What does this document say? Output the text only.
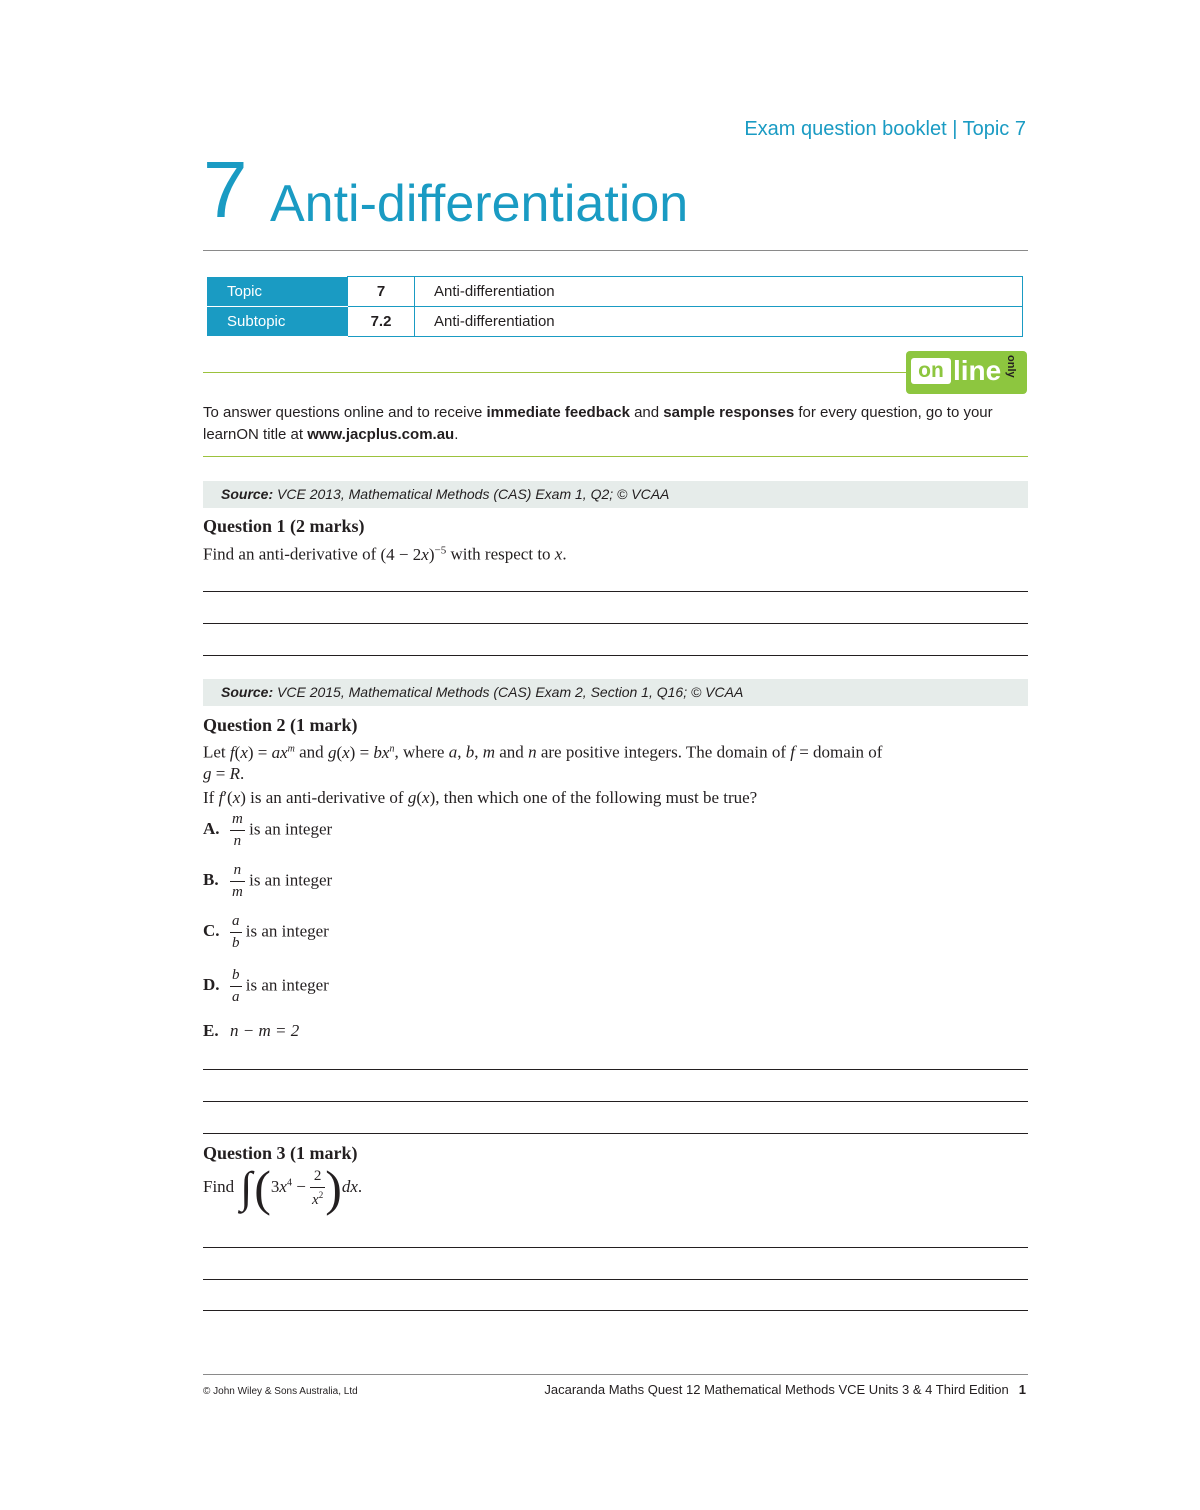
Exam question booklet | Topic 7
7 Anti-differentiation
Topic	7	Anti-differentiation
Subtopic	7.2	Anti-differentiation
on line only
To answer questions online and to receive immediate feedback and sample responses for every question, go to your learnON title at www.jacplus.com.au.
Source: VCE 2013, Mathematical Methods (CAS) Exam 1, Q2; © VCAA
Question 1 (2 marks)
Find an anti-derivative of $(4 - 2x)^{-5}$ with respect to x.
Source: VCE 2015, Mathematical Methods (CAS) Exam 2, Section 1, Q16; © VCAA
Question 2 (1 mark)
Let $f(x) = ax^m$ and $g(x) = bx^n$, where a, b, m and n are positive integers. The domain of f = domain of
g = R.
If f′(x) is an anti-derivative of g(x), then which one of the following must be true?
A. $\frac{m}{n}$ is an integer
B. $\frac{n}{m}$ is an integer
C. $\frac{a}{b}$ is an integer
D. $\frac{b}{a}$ is an integer
E. n − m = 2
Question 3 (1 mark)
Find $\int(3x^4 - \frac{2}{x^2} )dx$.
© John Wiley & Sons Australia, Ltd	Jacaranda Maths Quest 12 Mathematical Methods VCE Units 3 & 4 Third Edition 1
